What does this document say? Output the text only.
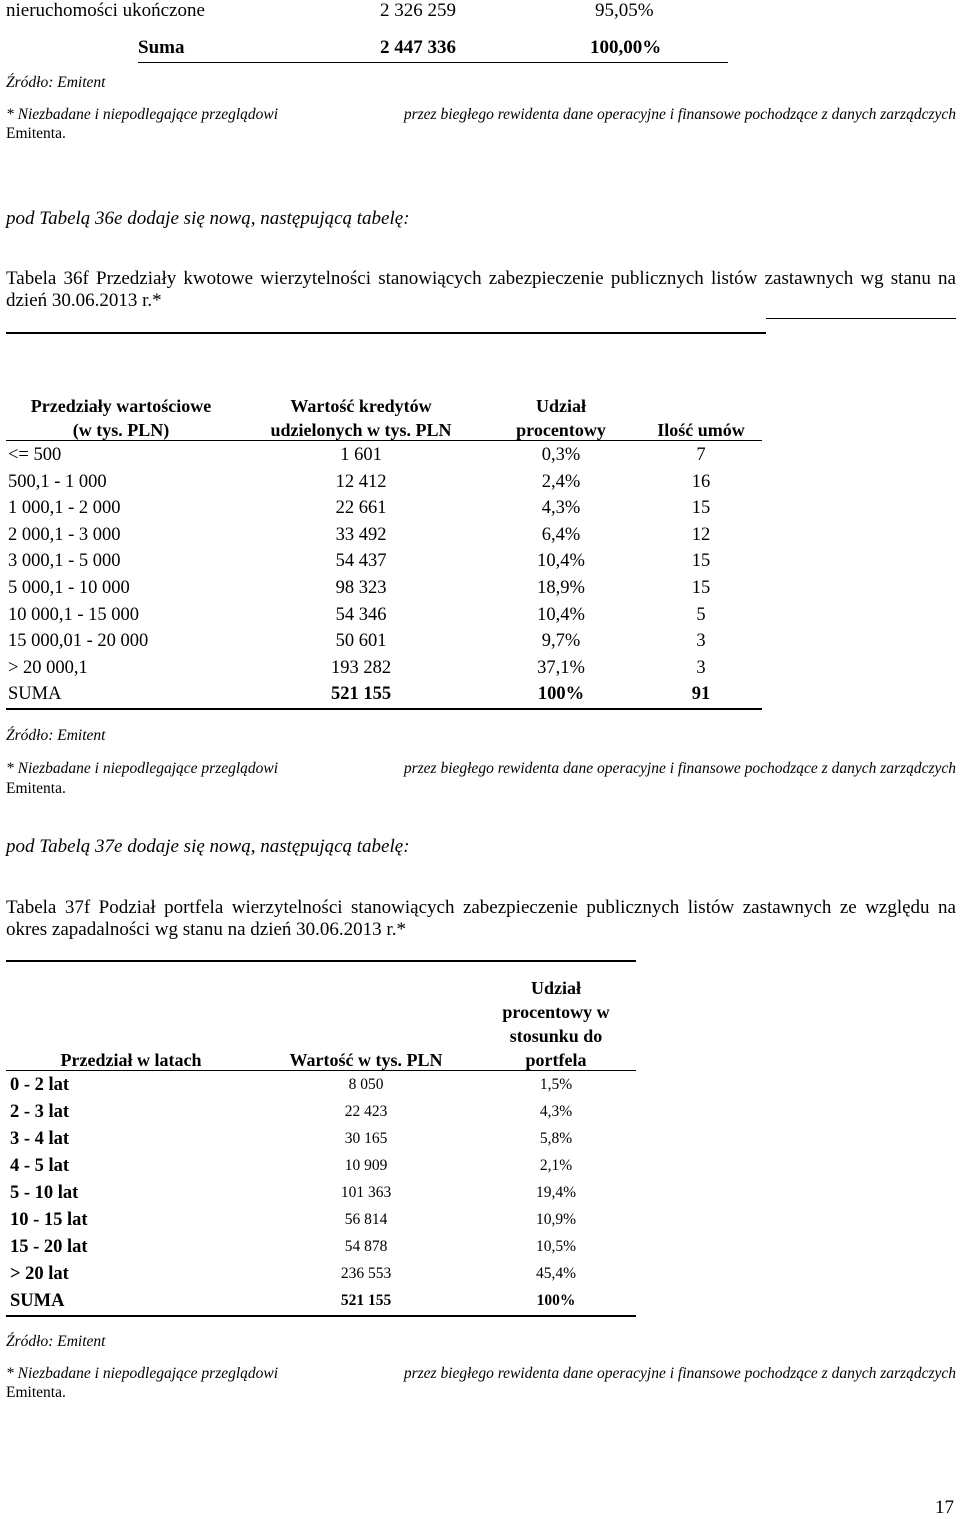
nieruchomości ukończone	2 326 259	95,05%
Suma	2 447 336	100,00%
Źródło: Emitent
* Niezbadane i niepodlegające przeglądowi	przez biegłego rewidenta dane operacyjne i finansowe pochodzące z danych zarządczych
Emitenta.
pod Tabelą 36e dodaje się nową, następującą tabelę:
Tabela 36f Przedziały kwotowe wierzytelności stanowiących zabezpieczenie publicznych listów zastawnych wg stanu na dzień 30.06.2013 r.*
Przedziały wartościowe
(w tys. PLN)
Wartość kredytów
udzielonych w tys. PLN
Udział
procentowy	Ilość umów
<= 500	1 601	0,3%	7
500,1 - 1 000	12 412	2,4%	16
1 000,1 - 2 000	22 661	4,3%	15
2 000,1 - 3 000	33 492	6,4%	12
3 000,1 - 5 000	54 437	10,4%	15
5 000,1 - 10 000	98 323	18,9%	15
10 000,1 - 15 000	54 346	10,4%	5
15 000,01 - 20 000	50 601	9,7%	3
> 20 000,1	193 282	37,1%	3
SUMA	521 155	100%	91
Źródło: Emitent
* Niezbadane i niepodlegające przeglądowi	przez biegłego rewidenta dane operacyjne i finansowe pochodzące z danych zarządczych
Emitenta.
pod Tabelą 37e dodaje się nową, następującą tabelę:
Tabela 37f Podział portfela wierzytelności stanowiących zabezpieczenie publicznych listów zastawnych ze względu na okres zapadalności wg stanu na dzień 30.06.2013 r.*
Przedział w latach	Wartość w tys. PLN
Udział
procentowy w
stosunku do
portfela
0 - 2 lat	8 050	1,5%
2 - 3 lat	22 423	4,3%
3 - 4 lat	30 165	5,8%
4 - 5 lat	10 909	2,1%
5 - 10 lat	101 363	19,4%
10 - 15 lat	56 814	10,9%
15 - 20 lat	54 878	10,5%
> 20 lat	236 553	45,4%
SUMA	521 155	100%
Źródło: Emitent
* Niezbadane i niepodlegające przeglądowi	przez biegłego rewidenta dane operacyjne i finansowe pochodzące z danych zarządczych
Emitenta.
17
